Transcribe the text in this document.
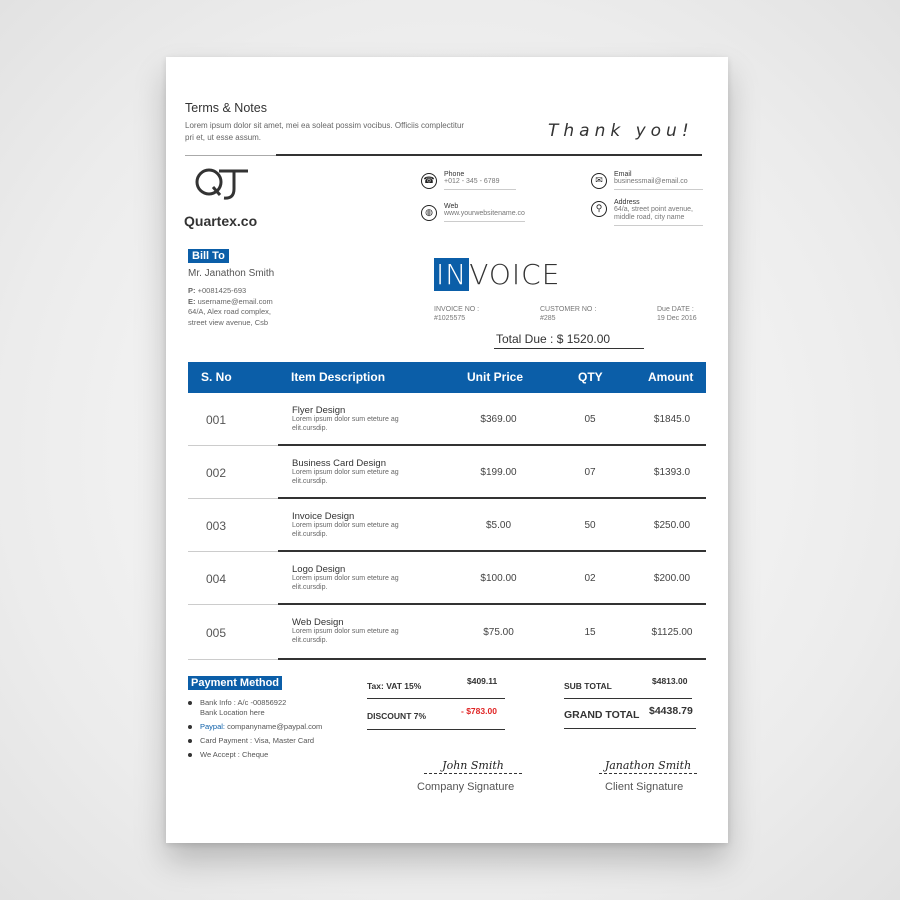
Terms & Notes
Lorem ipsum dolor sit amet, mei ea soleat possim vocibus. Officiis complectitur pri et, ut esse assum.	Thank you!
Quartex.co
☎
Phone
+012 - 345 - 6789
◍
Web
www.yourwebsitename.co
✉
Email
businessmail@email.co
⚲
Address
64/a, street point avenue,
middle road, city name
Bill To
Mr. Janathon Smith
P: +0081425-693
E: username@email.com
64/A, Alex road complex,
street view avenue, Csb
INVOICE
INVOICE NO :
#1025575
CUSTOMER NO :
#285
Due DATE :
19 Dec 2016
Total Due : $ 1520.00
S. No	Item Description	Unit Price	QTY	Amount
001
Flyer Design
Lorem ipsum dolor sum eteture ag elit.cursdip.
$369.00	05	$1845.0
002
Business Card Design
Lorem ipsum dolor sum eteture ag elit.cursdip.
$199.00	07	$1393.0
003
Invoice Design
Lorem ipsum dolor sum eteture ag elit.cursdip.
$5.00	50	$250.00
004
Logo Design
Lorem ipsum dolor sum eteture ag elit.cursdip.
$100.00	02	$200.00
005
Web Design
Lorem ipsum dolor sum eteture ag elit.cursdip.
$75.00	15	$1125.00
Payment Method
Bank Info : A/c -00856922
Bank Location here
Paypal: companyname@paypal.com
Card Payment : Visa, Master Card
We Accept : Cheque
Tax: VAT 15%	$409.11
DISCOUNT 7%	- $783.00
SUB TOTAL	$4813.00
GRAND TOTAL $4438.79
John Smith
Company Signature
Janathon Smith
Client Signature
